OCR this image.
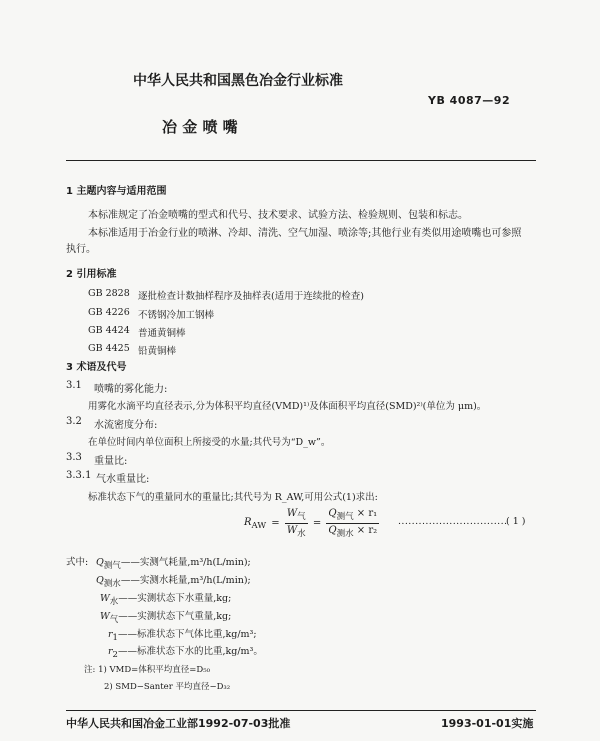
中华人民共和国黑色冶金行业标准
YB 4087—92
冶 金 喷 嘴
1 主题内容与适用范围
本标准规定了冶金喷嘴的型式和代号、技术要求、试验方法、检验规则、包装和标志。
本标准适用于冶金行业的喷淋、冷却、清洗、空气加湿、喷涂等;其他行业有类似用途喷嘴也可参照
执行。
2 引用标准
GB 2828 逐批检查计数抽样程序及抽样表(适用于连续批的检查)
GB 4226 不锈钢冷加工钢棒
GB 4424 普通黄铜棒
GB 4425 铅黄铜棒
3 术语及代号
3.1 喷嘴的雾化能力:
用雾化水滴平均直径表示,分为体积平均直径(VMD)¹⁾及体面积平均直径(SMD)²⁾(单位为 μm)。
3.2 水流密度分布:
在单位时间内单位面积上所接受的水量;其代号为“D_w”。
3.3 重量比:
3.3.1 气水重量比:
标准状态下气的重量同水的重量比;其代号为 R_AW,可用公式(1)求出:
$R_{AW} = \frac{W_气}{W_水} = \frac{Q_{测气} \times r_1}{Q_{测水} \times r_2}$ ................................
( 1 )
式中: $Q_{测气}——$实测气耗量,m³/h(L/min);
$Q_{测水}——$实测水耗量,m³/h(L/min);
$W_水——$实测状态下水重量,kg;
$W_气——$实测状态下气重量,kg;
$r_1——$标准状态下气体比重,kg/m³;
$r_2——$标准状态下水的比重,kg/m³。
注: 1) VMD=体积平均直径=D₅₀
2) SMD−Santer 平均直径−D₃₂
中华人民共和国冶金工业部1992-07-03批准	1993-01-01实施
